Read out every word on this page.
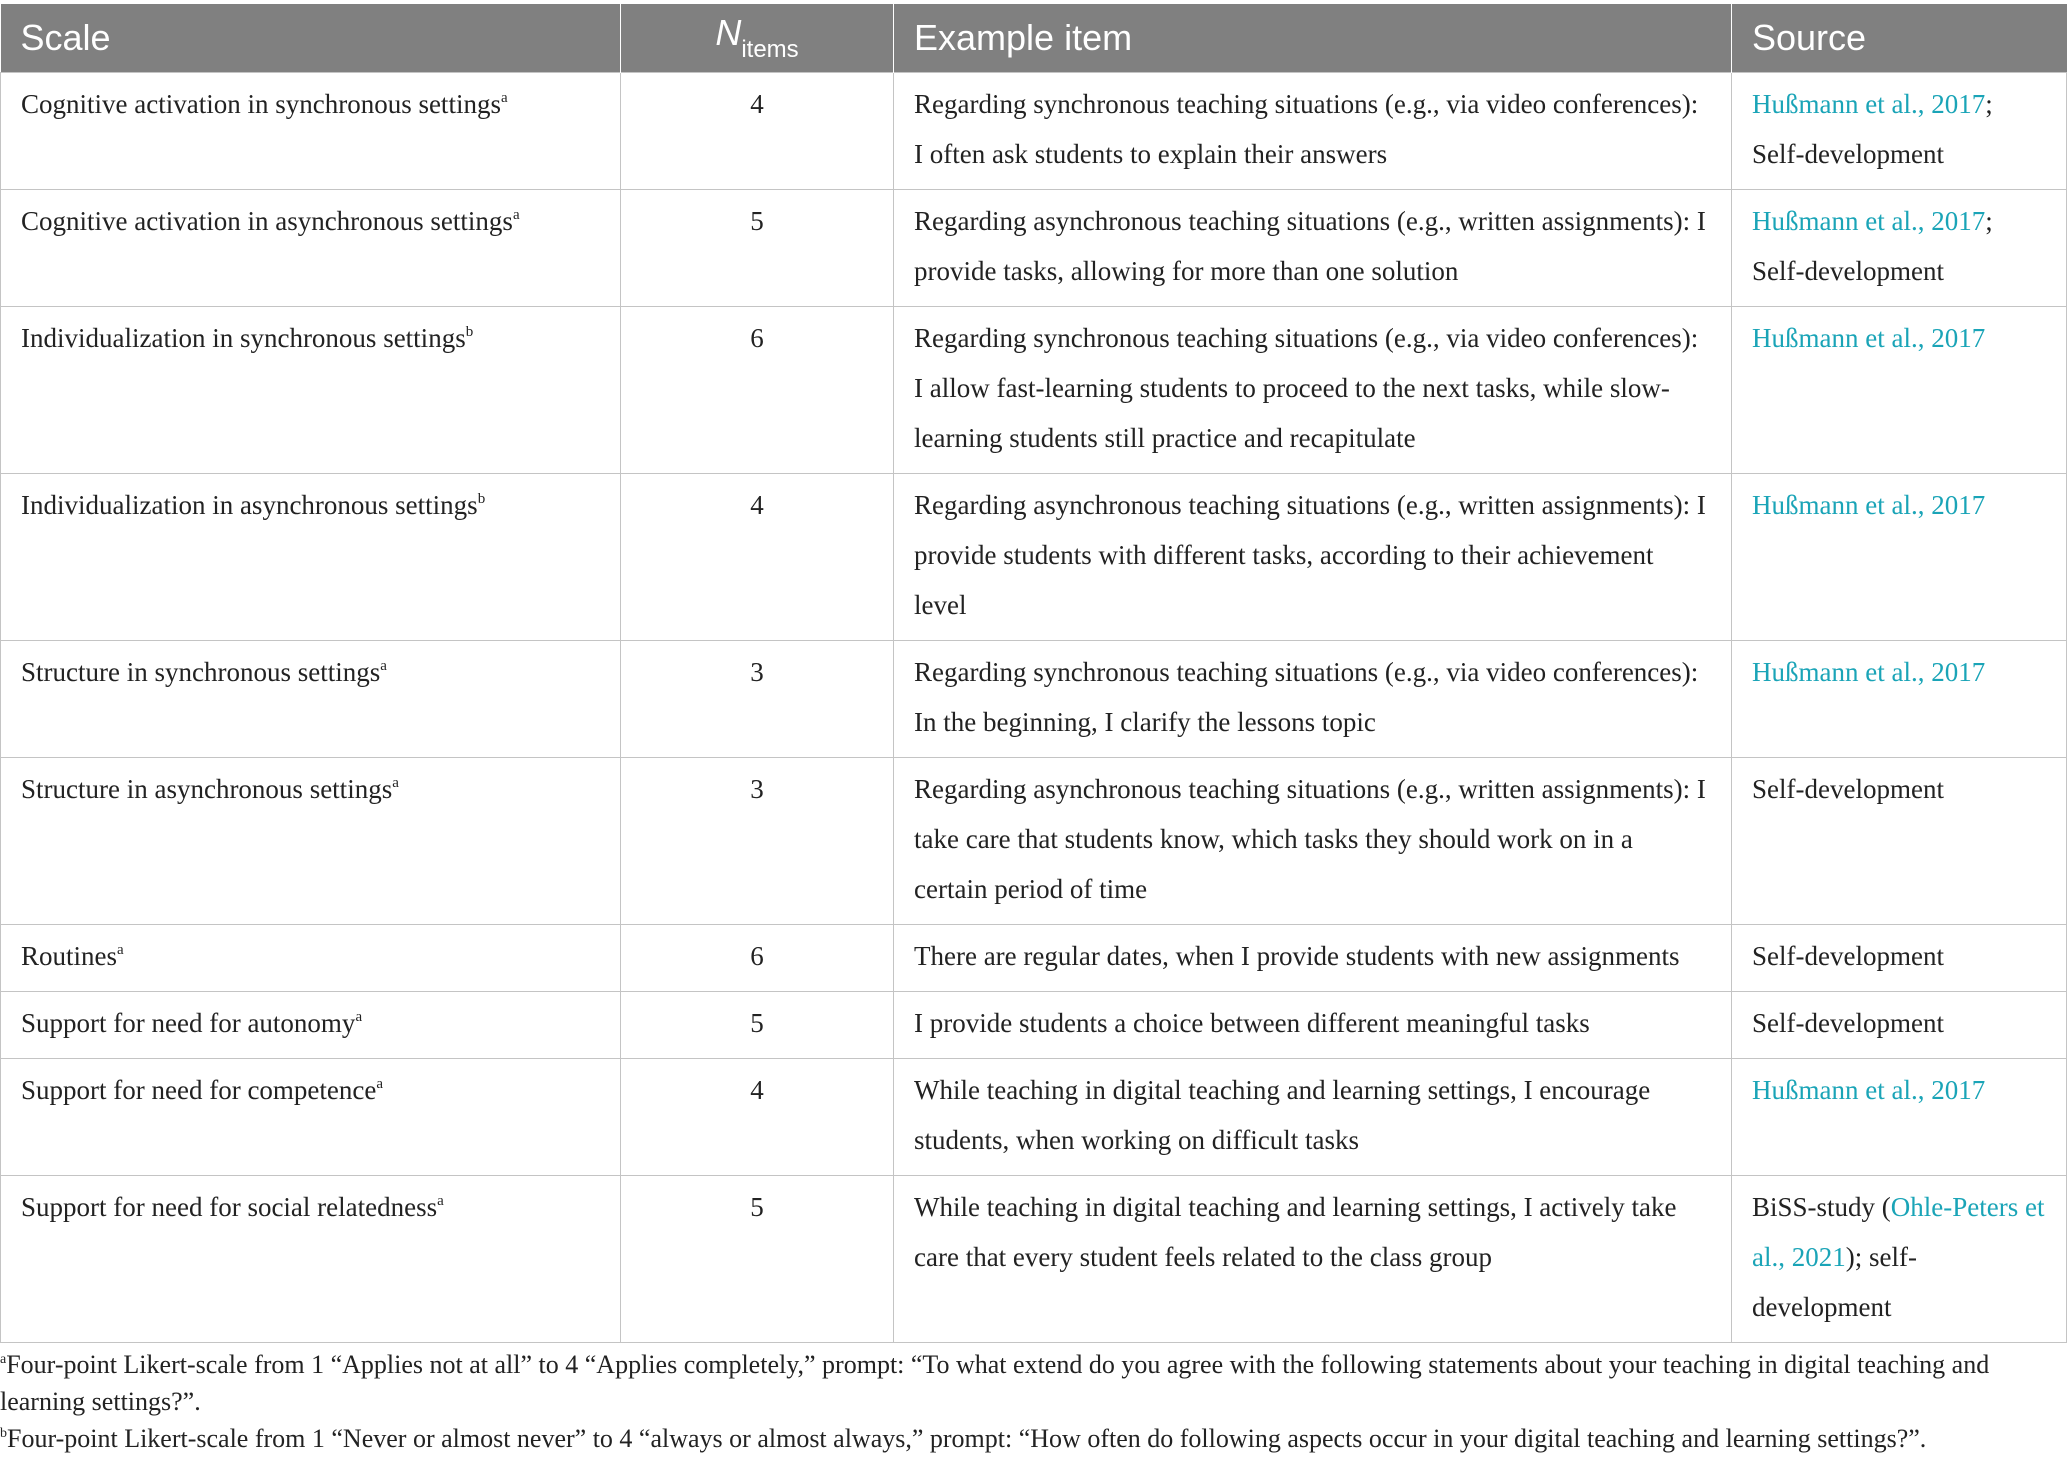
Scale	$N_{items}$	Example item	Source
Cognitive activation in synchronous settings$^a$	4	Regarding synchronous teaching situations (e.g., via video conferences): I often ask students to explain their answers	Hußmann et al., 2017; Self-development
Cognitive activation in asynchronous settings$^a$	5	Regarding asynchronous teaching situations (e.g., written assignments): I provide tasks, allowing for more than one solution	Hußmann et al., 2017; Self-development
Individualization in synchronous settings$^b$	6	Regarding synchronous teaching situations (e.g., via video conferences): I allow fast-learning students to proceed to the next tasks, while slow-learning students still practice and recapitulate	Hußmann et al., 2017
Individualization in asynchronous settings$^b$	4	Regarding asynchronous teaching situations (e.g., written assignments): I provide students with different tasks, according to their achievement level	Hußmann et al., 2017
Structure in synchronous settings$^a$	3	Regarding synchronous teaching situations (e.g., via video conferences): In the beginning, I clarify the lessons topic	Hußmann et al., 2017
Structure in asynchronous settings$^a$	3	Regarding asynchronous teaching situations (e.g., written assignments): I take care that students know, which tasks they should work on in a certain period of time	Self-development
Routines$^a$	6	There are regular dates, when I provide students with new assignments	Self-development
Support for need for autonomy$^a$	5	I provide students a choice between different meaningful tasks	Self-development
Support for need for competence$^a$	4	While teaching in digital teaching and learning settings, I encourage students, when working on difficult tasks	Hußmann et al., 2017
Support for need for social relatedness$^a$	5	While teaching in digital teaching and learning settings, I actively take care that every student feels related to the class group	BiSS-study (Ohle-Peters et al., 2021); self-development
$^a$Four-point Likert-scale from 1 “Applies not at all” to 4 “Applies completely,” prompt: “To what extend do you agree with the following statements about your teaching in digital teaching and learning settings?”.
$^b$Four-point Likert-scale from 1 “Never or almost never” to 4 “always or almost always,” prompt: “How often do following aspects occur in your digital teaching and learning settings?”.
